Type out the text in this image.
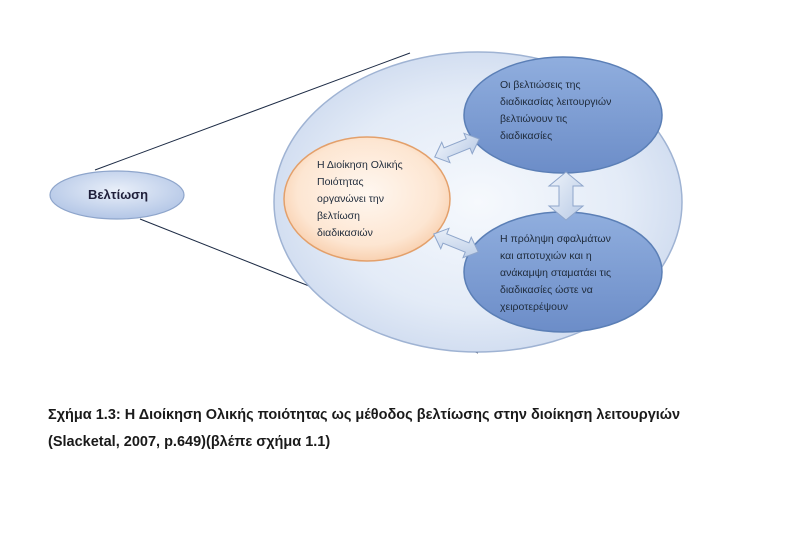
Βελτίωση
Η Διοίκηση Ολικής
Ποιότητας
οργανώνει την
βελτίωση
διαδικασιών
Οι βελτιώσεις της
διαδικασίας λειτουργιών
βελτιώνουν τις
διαδικασίες
Η πρόληψη σφαλμάτων
και αποτυχιών και η
ανάκαμψη σταματάει τις
διαδικασίες ώστε να
χειροτερέψουν
Σχήμα 1.3: Η Διοίκηση Ολικής ποιότητας ως μέθοδος βελτίωσης στην διοίκηση λειτουργιών
(Slacketal, 2007, p.649)(βλέπε σχήμα 1.1)
